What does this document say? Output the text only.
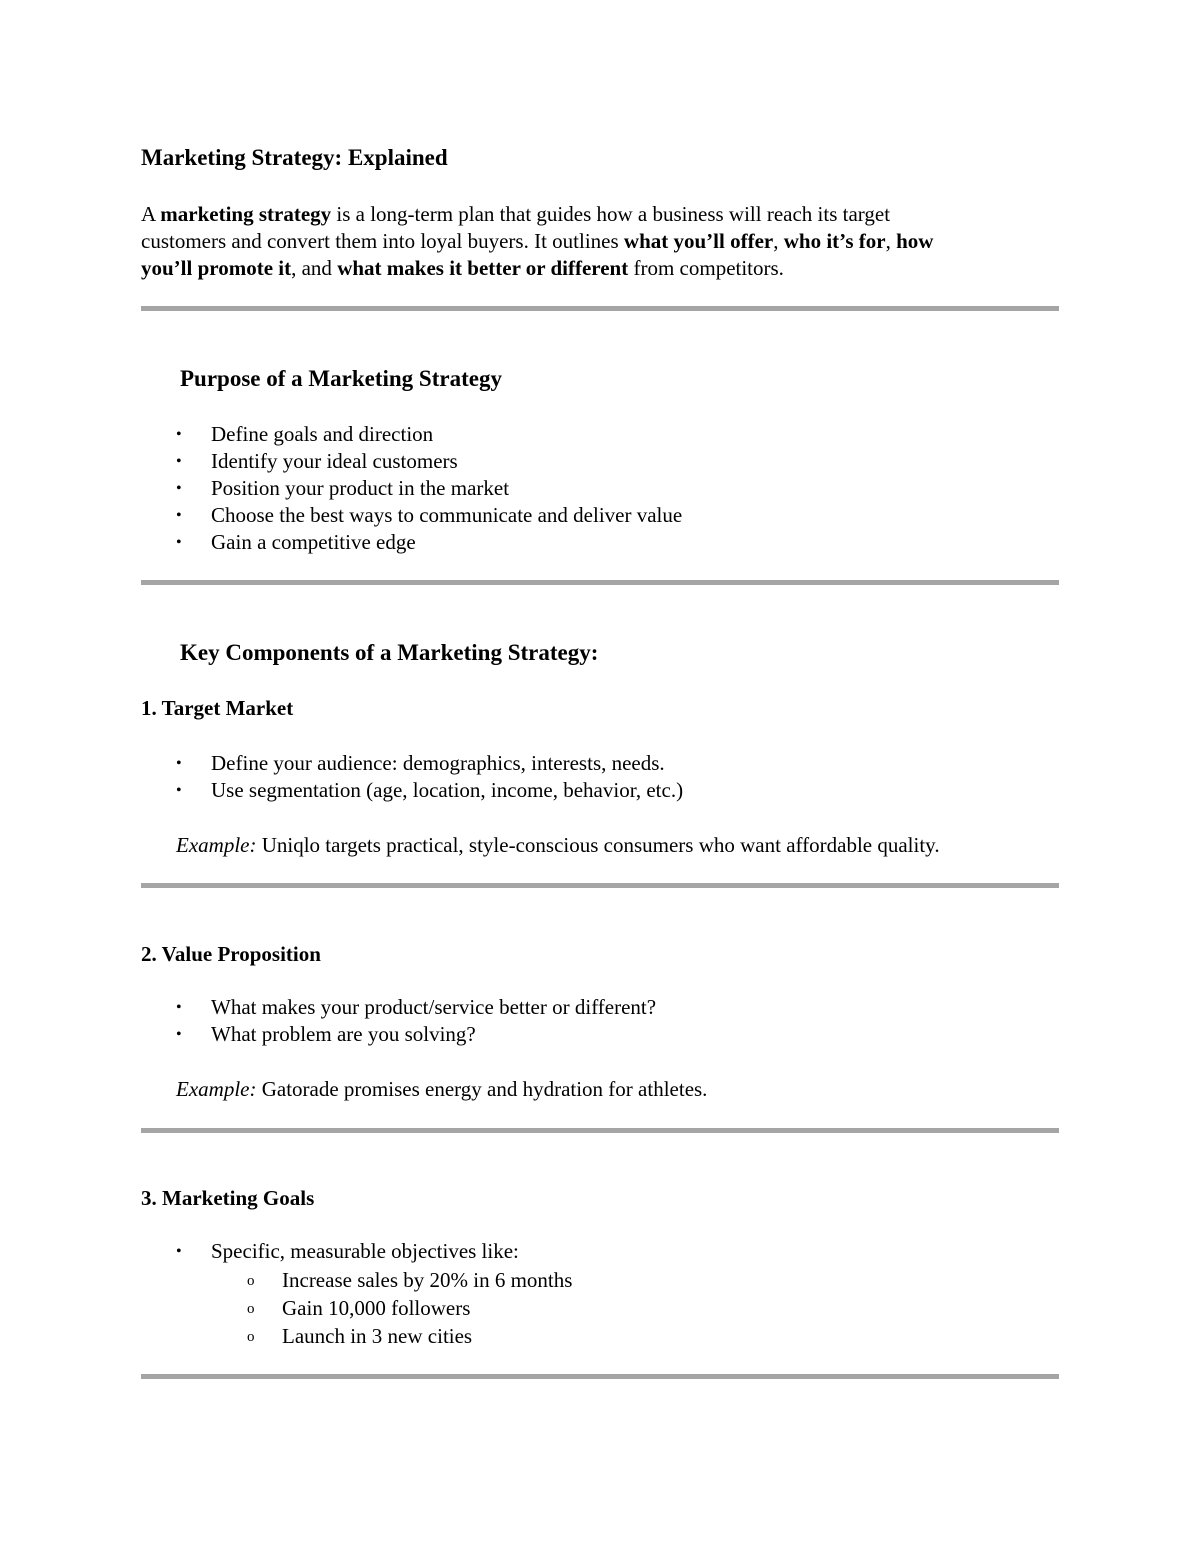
Marketing Strategy: Explained
A marketing strategy is a long-term plan that guides how a business will reach its target
customers and convert them into loyal buyers. It outlines what you’ll offer, who it’s for, how
you’ll promote it, and what makes it better or different from competitors.
Purpose of a Marketing Strategy
•	Define goals and direction
•	Identify your ideal customers
•	Position your product in the market
•	Choose the best ways to communicate and deliver value
•	Gain a competitive edge
Key Components of a Marketing Strategy:
1. Target Market
•	Define your audience: demographics, interests, needs.
•	Use segmentation (age, location, income, behavior, etc.)
Example: Uniqlo targets practical, style-conscious consumers who want affordable quality.
2. Value Proposition
•	What makes your product/service better or different?
•	What problem are you solving?
Example: Gatorade promises energy and hydration for athletes.
3. Marketing Goals
•	Specific, measurable objectives like:
o Increase sales by 20% in 6 months
o Gain 10,000 followers
o Launch in 3 new cities
